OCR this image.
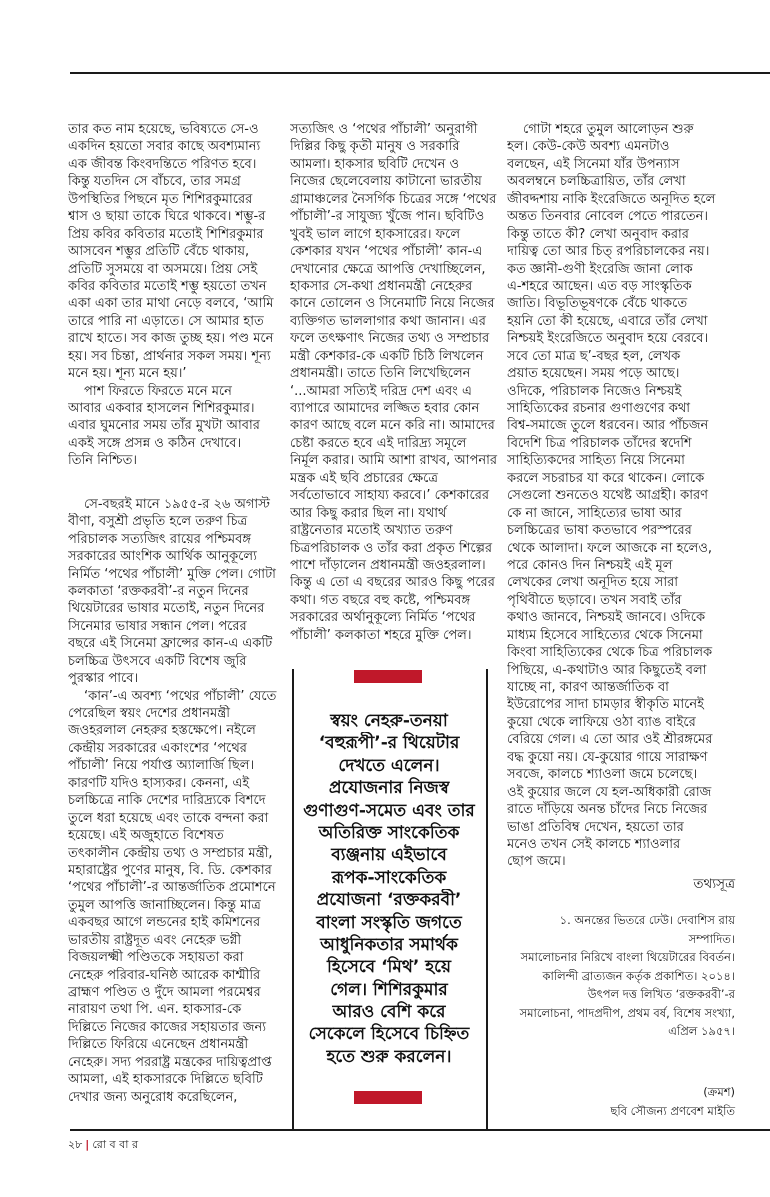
তার কত নাম হয়েছে, ভবিষ্যতে সে-ও
একদিন হয়তো সবার কাছে অবশ্যমান্য
এক জীবন্ত কিংবদন্তিতে পরিণত হবে।
কিন্তু যতদিন সে বাঁচবে, তার সমগ্র
উপস্থিতির পিছনে মৃত শিশিরকুমারের
শ্বাস ও ছায়া তাকে ঘিরে থাকবে। শম্ভু-র
প্রিয় কবির কবিতার মতোই শিশিরকুমার
আসবেন শম্ভুর প্রতিটি বেঁচে থাকায়,
প্রতিটি সুসময়ে বা অসময়ে। প্রিয় সেই
কবির কবিতার মতোই শম্ভু হয়তো তখন
একা একা তার মাথা নেড়ে বলবে, ‘আমি
তারে পারি না এড়াতে। সে আমার হাত
রাখে হাতে। সব কাজ তুচ্ছ হয়। পণ্ড মনে
হয়। সব চিন্তা, প্রার্থনার সকল সময়। শূন্য
মনে হয়। শূন্য মনে হয়।’
পাশ ফিরতে ফিরতে মনে মনে
আবার একবার হাসলেন শিশিরকুমার।
এবার ঘুমনোর সময় তাঁর মুখটা আবার
একই সঙ্গে প্রসন্ন ও কঠিন দেখাবে।
তিনি নিশ্চিত।
সে-বছরই মানে ১৯৫৫-র ২৬ অগাস্ট
বীণা, বসুশ্রী প্রভৃতি হলে তরুণ চিত্র
পরিচালক সত্যজিৎ রায়ের পশ্চিমবঙ্গ
সরকারের আংশিক আর্থিক আনুকূল্যে
নির্মিত ‘পথের পাঁচালী’ মুক্তি পেল। গোটা
কলকাতা ‘রক্তকরবী’-র নতুন দিনের
থিয়েটারের ভাষার মতোই, নতুন দিনের
সিনেমার ভাষার সন্ধান পেল। পরের
বছরে এই সিনেমা ফ্রান্সের কান-এ একটি
চলচ্চিত্র উৎসবে একটি বিশেষ জুরি
পুরস্কার পাবে।
‘কান’-এ অবশ্য ‘পথের পাঁচালী’ যেতে
পেরেছিল স্বয়ং দেশের প্রধানমন্ত্রী
জওহরলাল নেহরুর হস্তক্ষেপে। নইলে
কেন্দ্রীয় সরকারের একাংশের ‘পথের
পাঁচালী’ নিয়ে পর্যাপ্ত অ্যালার্জি ছিল।
কারণটি যদিও হাস্যকর। কেননা, এই
চলচ্চিত্রে নাকি দেশের দারিদ্র্যকে বিশদে
তুলে ধরা হয়েছে এবং তাকে বন্দনা করা
হয়েছে। এই অজুহাতে বিশেষত
তৎকালীন কেন্দ্রীয় তথ্য ও সম্প্রচার মন্ত্রী,
মহারাষ্ট্রের পুণের মানুষ, বি. ডি. কেশকার
‘পথের পাঁচালী’-র আন্তর্জাতিক প্রমোশনে
তুমুল আপত্তি জানাচ্ছিলেন। কিন্তু মাত্র
একবছর আগে লন্ডনের হাই কমিশনের
ভারতীয় রাষ্ট্রদূত এবং নেহেরু ভগ্নী
বিজয়লক্ষ্মী পণ্ডিতকে সহায়তা করা
নেহেরু পরিবার-ঘনিষ্ঠ আরেক কাশ্মীরি
ব্রাহ্মণ পণ্ডিত ও দুঁদে আমলা পরমেশ্বর
নারায়ণ তথা পি. এন. হাকসার-কে
দিল্লিতে নিজের কাজের সহায়তার জন্য
দিল্লিতে ফিরিয়ে এনেছেন প্রধানমন্ত্রী
নেহেরু। সদ্য পররাষ্ট্র মন্ত্রকের দায়িত্বপ্রাপ্ত
আমলা, এই হাকসারকে দিল্লিতে ছবিটি
দেখার জন্য অনুরোধ করেছিলেন,
সত্যজিৎ ও ‘পথের পাঁচালী’ অনুরাগী
দিল্লির কিছু কৃতী মানুষ ও সরকারি
আমলা। হাকসার ছবিটি দেখেন ও
নিজের ছেলেবেলায় কাটানো ভারতীয়
গ্রামাঞ্চলের নৈসর্গিক চিত্রের সঙ্গে ‘পথের
পাঁচালী’-র সাযুজ্য খুঁজে পান। ছবিটিও
খুবই ভাল লাগে হাকসারের। ফলে
কেশকার যখন ‘পথের পাঁচালী’ কান-এ
দেখানোর ক্ষেত্রে আপত্তি দেখাচ্ছিলেন,
হাকসার সে-কথা প্রধানমন্ত্রী নেহেরুর
কানে তোলেন ও সিনেমাটি নিয়ে নিজের
ব্যক্তিগত ভাললাগার কথা জানান। এর
ফলে তৎক্ষণাৎ নিজের তথ্য ও সম্প্রচার
মন্ত্রী কেশকার-কে একটি চিঠি লিখলেন
প্রধানমন্ত্রী। তাতে তিনি লিখেছিলেন
‘...আমরা সত্যিই দরিদ্র দেশ এবং এ
ব্যাপারে আমাদের লজ্জিত হবার কোন
কারণ আছে বলে মনে করি না। আমাদের
চেষ্টা করতে হবে এই দারিদ্র্য সমূলে
নির্মূল করার। আমি আশা রাখব, আপনার
মন্ত্রক এই ছবি প্রচারের ক্ষেত্রে
সর্বতোভাবে সাহায্য করবে।’ কেশকারের
আর কিছু করার ছিল না। যথার্থ
রাষ্ট্রনেতার মতোই অখ্যাত তরুণ
চিত্রপরিচালক ও তাঁর করা প্রকৃত শিল্পের
পাশে দাঁড়ালেন প্রধানমন্ত্রী জওহরলাল।
কিন্তু এ তো এ বছরের আরও কিছু পরের
কথা। গত বছরে বহু কষ্টে, পশ্চিমবঙ্গ
সরকারের অর্থানুকূল্যে নির্মিত ‘পথের
পাঁচালী’ কলকাতা শহরে মুক্তি পেল।
গোটা শহরে তুমুল আলোড়ন শুরু
হল। কেউ-কেউ অবশ্য এমনটাও
বলছেন, এই সিনেমা যাঁর উপন্যাস
অবলম্বনে চলচ্চিত্রায়িত, তাঁর লেখা
জীবদ্দশায় নাকি ইংরেজিতে অনূদিত হলে
অন্তত তিনবার নোবেল পেতে পারতেন।
কিন্তু তাতে কী? লেখা অনুবাদ করার
দায়িত্ব তো আর চিত্ রপরিচালকের নয়।
কত জ্ঞানী-গুণী ইংরেজি জানা লোক
এ-শহরে আছেন। এত বড় সাংস্কৃতিক
জাতি। বিভূতিভূষণকে বেঁচে থাকতে
হয়নি তো কী হয়েছে, এবারে তাঁর লেখা
নিশ্চয়ই ইংরেজিতে অনুবাদ হয়ে বেরবে।
সবে তো মাত্র ছ’-বছর হল, লেখক
প্রয়াত হয়েছেন। সময় পড়ে আছে।
ওদিকে, পরিচালক নিজেও নিশ্চয়ই
সাহিত্যিকের রচনার গুণাগুণের কথা
বিশ্ব-সমাজে তুলে ধরবেন। আর পাঁচজন
বিদেশি চিত্র পরিচালক তাঁদের স্বদেশি
সাহিত্যিকদের সাহিত্য নিয়ে সিনেমা
করলে সচরাচর যা করে থাকেন। লোকে
সেগুলো শুনতেও যথেষ্ট আগ্রহী। কারণ
কে না জানে, সাহিত্যের ভাষা আর
চলচ্চিত্রের ভাষা কতভাবে পরস্পরের
থেকে আলাদা। ফলে আজকে না হলেও,
পরে কোনও দিন নিশ্চয়ই এই মূল
লেখকের লেখা অনূদিত হয়ে সারা
পৃথিবীতে ছড়াবে। তখন সবাই তাঁর
কথাও জানবে, নিশ্চয়ই জানবে। ওদিকে
মাধ্যম হিসেবে সাহিত্যের থেকে সিনেমা
কিংবা সাহিত্যিকের থেকে চিত্র পরিচালক
পিছিয়ে, এ-কথাটাও আর কিছুতেই বলা
যাচ্ছে না, কারণ আন্তর্জাতিক বা
ইউরোপের সাদা চামড়ার স্বীকৃতি মানেই
কুয়ো থেকে লাফিয়ে ওঠা ব্যাঙ বাইরে
বেরিয়ে গেল। এ তো আর ওই শ্রীরঙ্গমের
বদ্ধ কুয়ো নয়। যে-কুয়োর গায়ে সারাক্ষণ
সবজে, কালচে শ্যাওলা জমে চলেছে।
ওই কুয়োর জলে যে হল-অধিকারী রোজ
রাতে দাঁড়িয়ে অনন্ত চাঁদের নিচে নিজের
ভাঙা প্রতিবিম্ব দেখেন, হয়তো তার
মনেও তখন সেই কালচে শ্যাওলার
ছোপ জমে।
স্বয়ং নেহরু-তনয়া
‘বহুরূপী’-র থিয়েটার
দেখতে এলেন।
প্রযোজনার নিজস্ব
গুণাগুণ-সমেত এবং তার
অতিরিক্ত সাংকেতিক
ব্যঞ্জনায় এইভাবে
রূপক-সাংকেতিক
প্রযোজনা ‘রক্তকরবী’
বাংলা সংস্কৃতি জগতে
আধুনিকতার সমার্থক
হিসেবে ‘মিথ’ হয়ে
গেল। শিশিরকুমার
আরও বেশি করে
সেকেলে হিসেবে চিহ্নিত
হতে শুরু করলেন।
তথ্যসূত্র
১. অনন্তের ভিতরে ঢেউ। দেবাশিস রায়
সম্পাদিত।
সমালোচনার নিরিখে বাংলা থিয়েটারের বিবর্তন।
কালিন্দী ব্রাত্যজন কর্তৃক প্রকাশিত। ২০১৪।
উৎপল দত্ত লিখিত ‘রক্তকরবী’-র
সমালোচনা, পাদপ্রদীপ, প্রথম বর্ষ, বিশেষ সংখ্যা,
এপ্রিল ১৯৫৭।
(ক্রমশ)
ছবি সৌজন্য প্রণবেশ মাইতি
২৮ | রো ব বা র
